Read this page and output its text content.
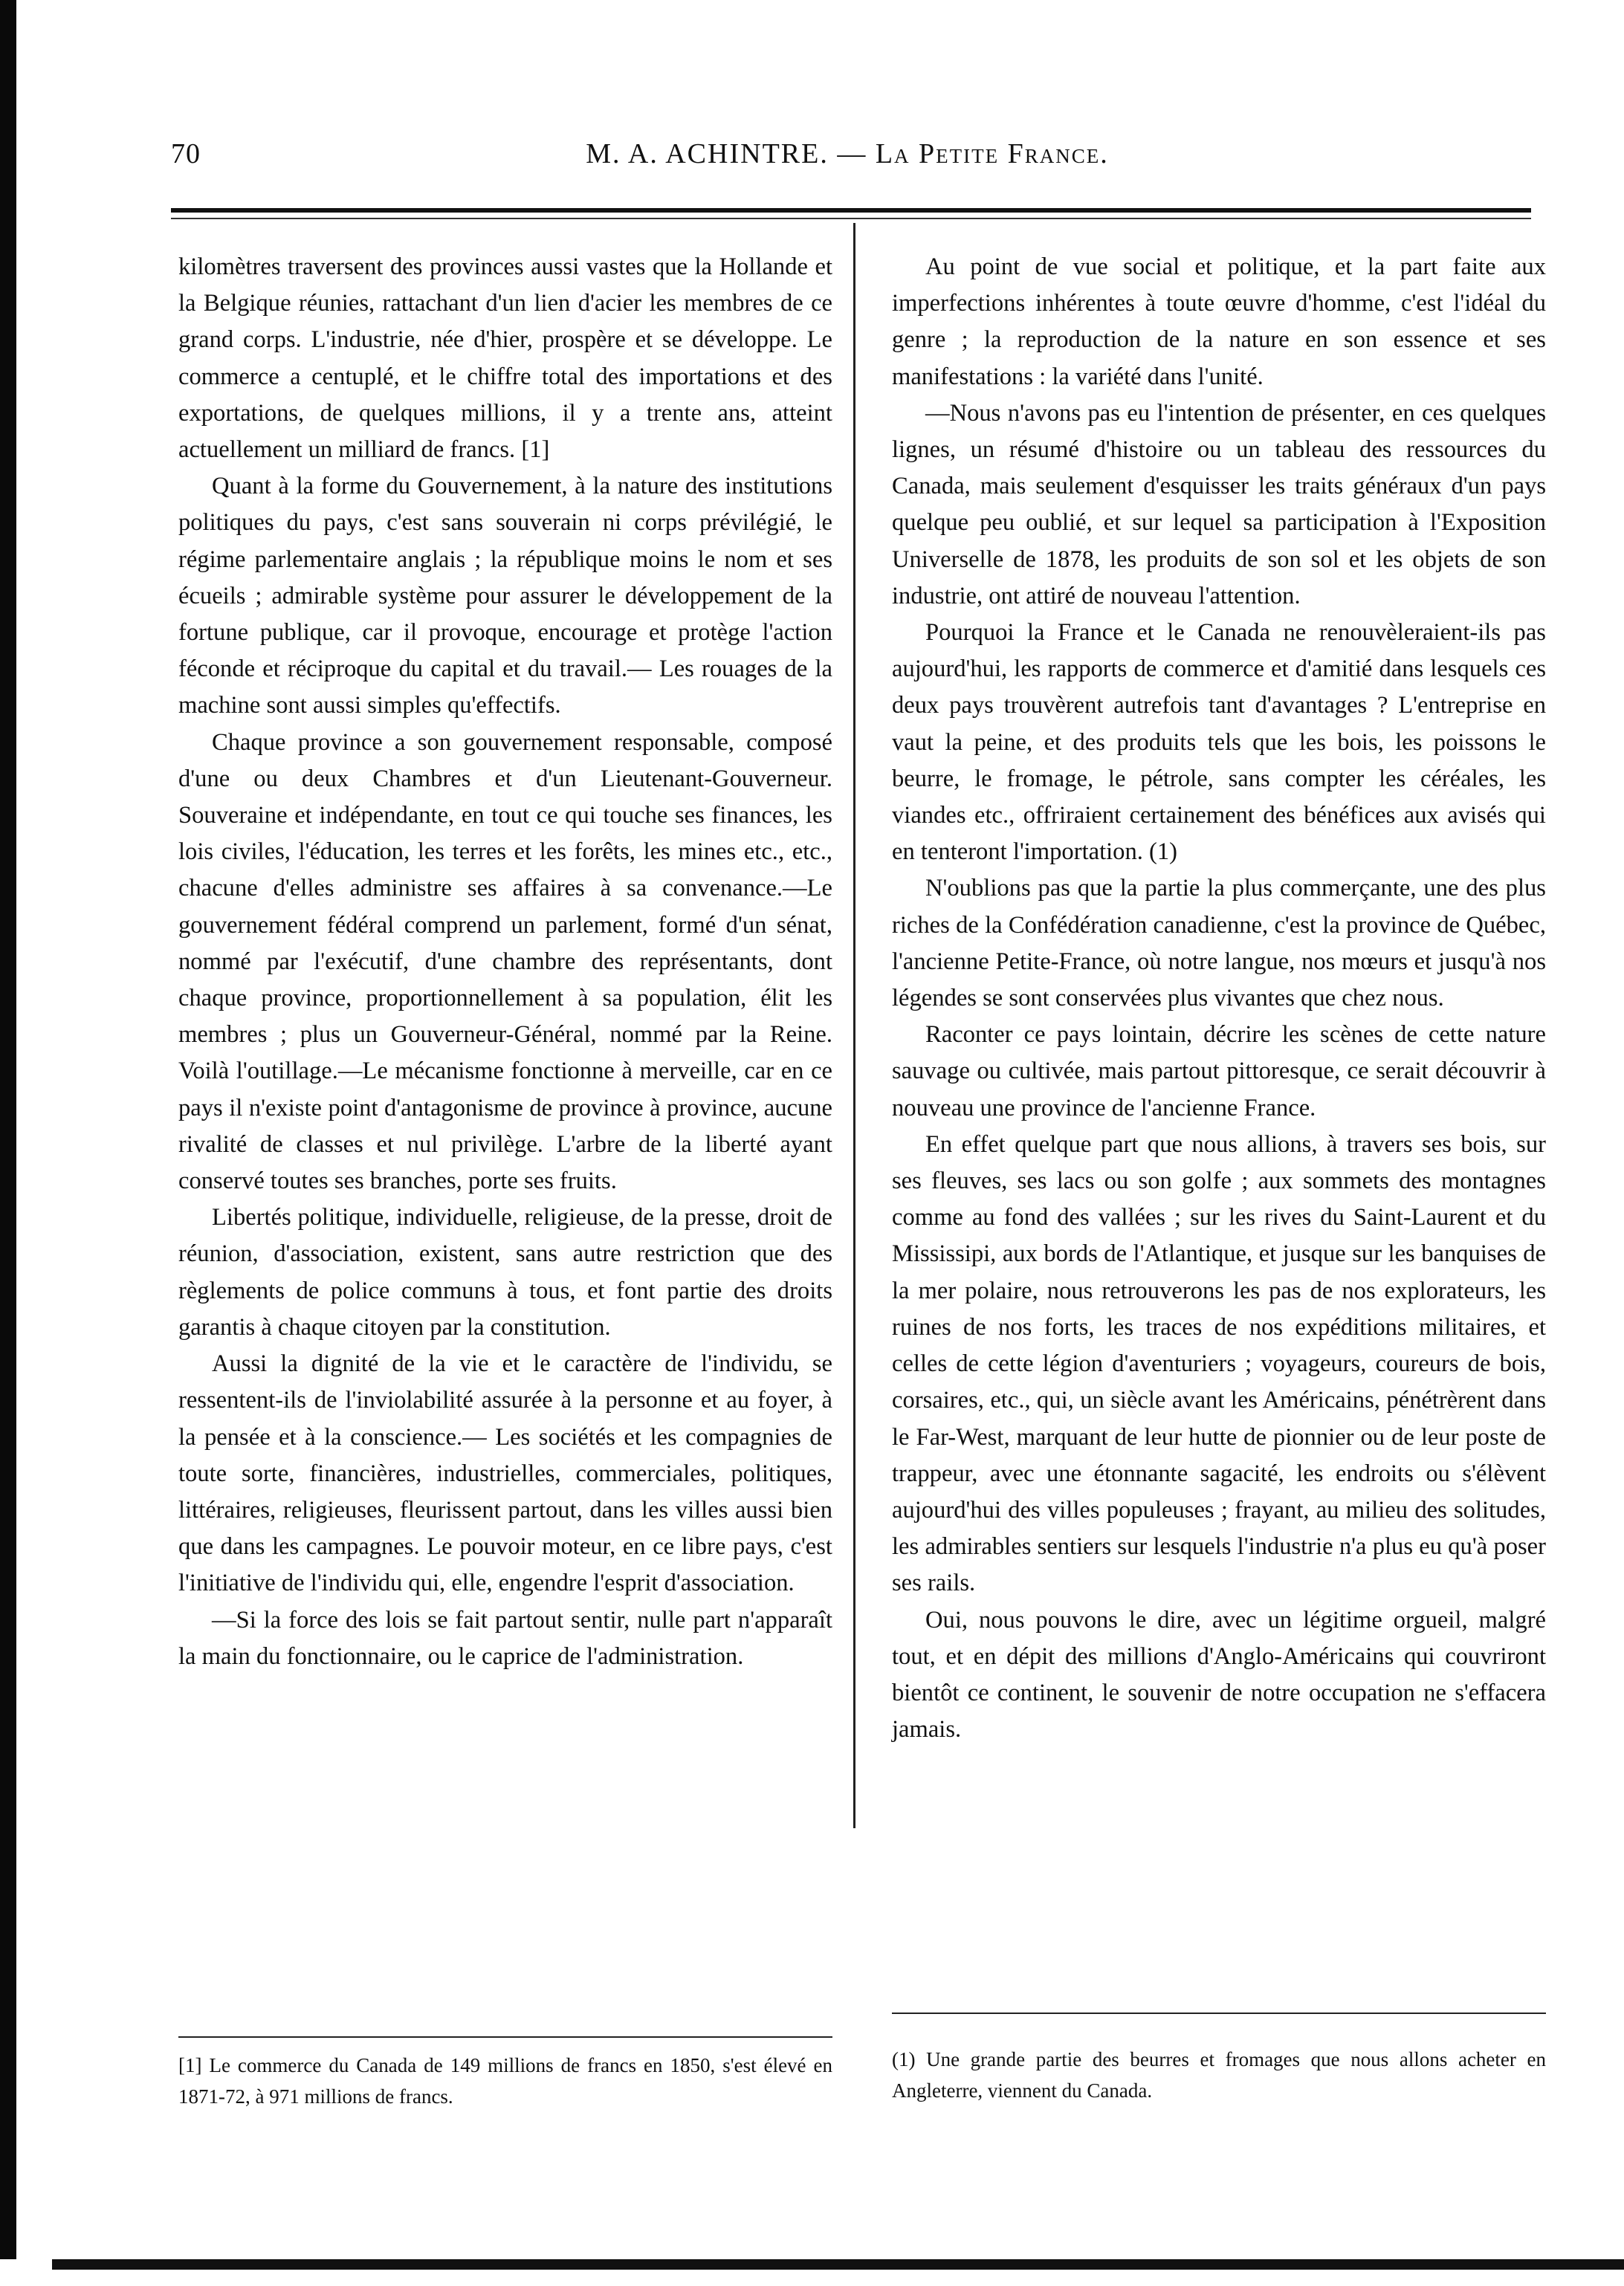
70	M. A. ACHINTRE. — La Petite France.

kilomètres traversent des provinces aussi vastes que la Hollande et la Belgique réunies, rattachant d'un lien d'acier les membres de ce grand corps. L'industrie, née d'hier, prospère et se développe. Le commerce a centuplé, et le chiffre total des importations et des exportations, de quelques millions, il y a trente ans, atteint actuellement un milliard de francs. [1]

Quant à la forme du Gouvernement, à la nature des institutions politiques du pays, c'est sans souverain ni corps prévilégié, le régime parlementaire anglais ; la république moins le nom et ses écueils ; admirable système pour assurer le développement de la fortune publique, car il provoque, encourage et protège l'action féconde et réciproque du capital et du travail.— Les rouages de la machine sont aussi simples qu'effectifs.

Chaque province a son gouvernement responsable, composé d'une ou deux Chambres et d'un Lieutenant-Gouverneur. Souveraine et indépendante, en tout ce qui touche ses finances, les lois civiles, l'éducation, les terres et les forêts, les mines etc., etc., chacune d'elles administre ses affaires à sa convenance.—Le gouvernement fédéral comprend un parlement, formé d'un sénat, nommé par l'exécutif, d'une chambre des représentants, dont chaque province, proportionnellement à sa population, élit les membres ; plus un Gouverneur-Général, nommé par la Reine. Voilà l'outillage.—Le mécanisme fonctionne à merveille, car en ce pays il n'existe point d'antagonisme de province à province, aucune rivalité de classes et nul privilège. L'arbre de la liberté ayant conservé toutes ses branches, porte ses fruits.

Libertés politique, individuelle, religieuse, de la presse, droit de réunion, d'association, existent, sans autre restriction que des règlements de police communs à tous, et font partie des droits garantis à chaque citoyen par la constitution.

Aussi la dignité de la vie et le caractère de l'individu, se ressentent-ils de l'inviolabilité assurée à la personne et au foyer, à la pensée et à la conscience.— Les sociétés et les compagnies de toute sorte, financières, industrielles, commerciales, politiques, littéraires, religieuses, fleurissent partout, dans les villes aussi bien que dans les campagnes. Le pouvoir moteur, en ce libre pays, c'est l'initiative de l'individu qui, elle, engendre l'esprit d'association.

—Si la force des lois se fait partout sentir, nulle part n'apparaît la main du fonctionnaire, ou le caprice de l'administration.

Au point de vue social et politique, et la part faite aux imperfections inhérentes à toute œuvre d'homme, c'est l'idéal du genre ; la reproduction de la nature en son essence et ses manifestations : la variété dans l'unité.

—Nous n'avons pas eu l'intention de présenter, en ces quelques lignes, un résumé d'histoire ou un tableau des ressources du Canada, mais seulement d'esquisser les traits généraux d'un pays quelque peu oublié, et sur lequel sa participation à l'Exposition Universelle de 1878, les produits de son sol et les objets de son industrie, ont attiré de nouveau l'attention.

Pourquoi la France et le Canada ne renouvèleraient-ils pas aujourd'hui, les rapports de commerce et d'amitié dans lesquels ces deux pays trouvèrent autrefois tant d'avantages ? L'entreprise en vaut la peine, et des produits tels que les bois, les poissons le beurre, le fromage, le pétrole, sans compter les céréales, les viandes etc., offriraient certainement des bénéfices aux avisés qui en tenteront l'importation. (1)

N'oublions pas que la partie la plus commerçante, une des plus riches de la Confédération canadienne, c'est la province de Québec, l'ancienne Petite-France, où notre langue, nos mœurs et jusqu'à nos légendes se sont conservées plus vivantes que chez nous.

Raconter ce pays lointain, décrire les scènes de cette nature sauvage ou cultivée, mais partout pittoresque, ce serait découvrir à nouveau une province de l'ancienne France.

En effet quelque part que nous allions, à travers ses bois, sur ses fleuves, ses lacs ou son golfe ; aux sommets des montagnes comme au fond des vallées ; sur les rives du Saint-Laurent et du Mississipi, aux bords de l'Atlantique, et jusque sur les banquises de la mer polaire, nous retrouverons les pas de nos explorateurs, les ruines de nos forts, les traces de nos expéditions militaires, et celles de cette légion d'aventuriers ; voyageurs, coureurs de bois, corsaires, etc., qui, un siècle avant les Américains, pénétrèrent dans le Far-West, marquant de leur hutte de pionnier ou de leur poste de trappeur, avec une étonnante sagacité, les endroits ou s'élèvent aujourd'hui des villes populeuses ; frayant, au milieu des solitudes, les admirables sentiers sur lesquels l'industrie n'a plus eu qu'à poser ses rails.

Oui, nous pouvons le dire, avec un légitime orgueil, malgré tout, et en dépit des millions d'Anglo-Américains qui couvriront bientôt ce continent, le souvenir de notre occupation ne s'effacera jamais.

[1] Le commerce du Canada de 149 millions de francs en 1850, s'est élevé en 1871-72, à 971 millions de francs.
(1) Une grande partie des beurres et fromages que nous allons acheter en Angleterre, viennent du Canada.
